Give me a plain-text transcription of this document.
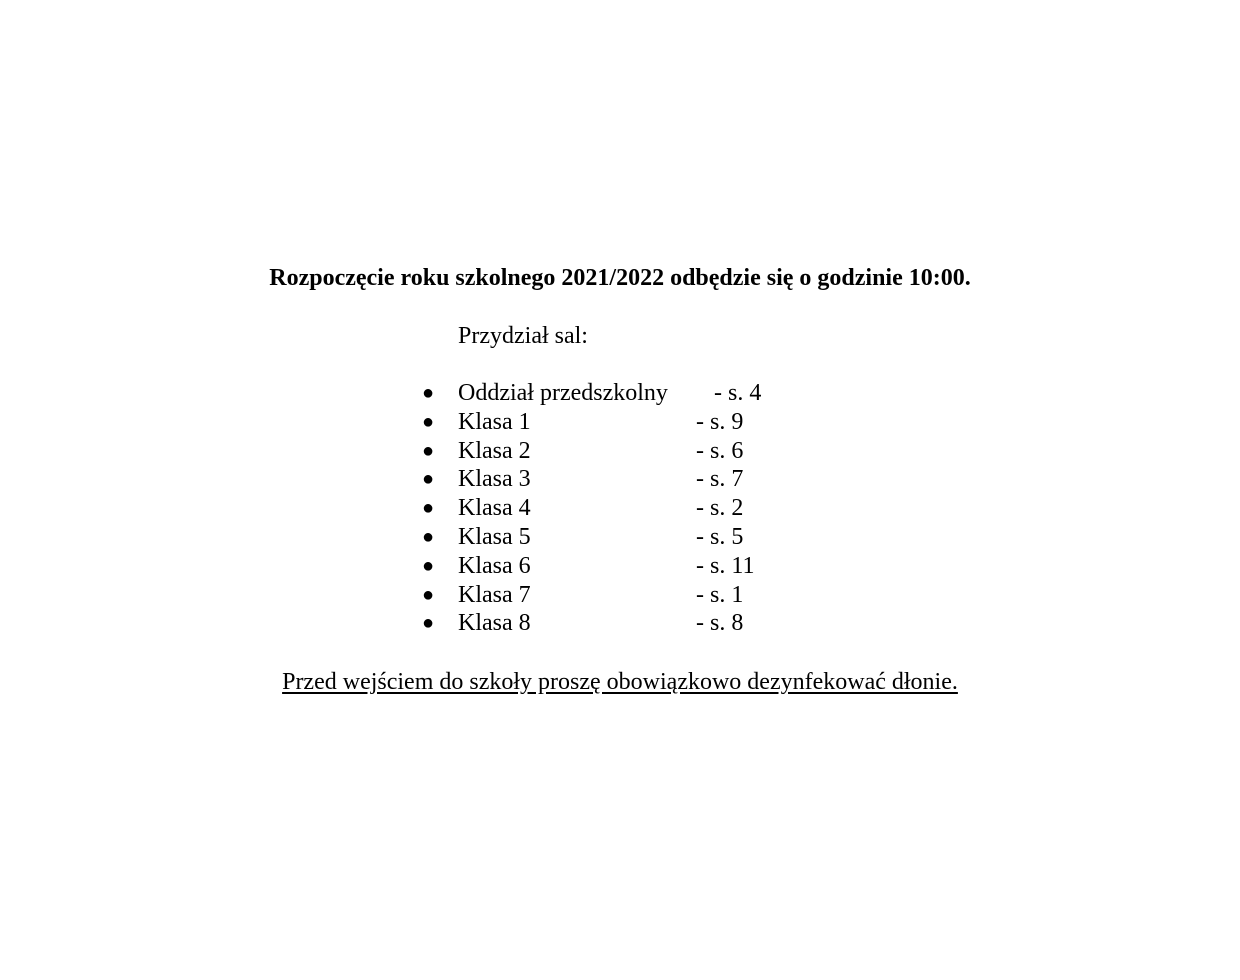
Rozpoczęcie roku szkolnego 2021/2022 odbędzie się o godzinie 10:00.
Przydział sal:
● Oddział przedszkolny - s. 4
● Klasa 1	- s. 9
● Klasa 2	- s. 6
● Klasa 3	- s. 7
● Klasa 4	- s. 2
● Klasa 5	- s. 5
● Klasa 6	- s. 11
● Klasa 7	- s. 1
● Klasa 8	- s. 8
Przed wejściem do szkoły proszę obowiązkowo dezynfekować dłonie.
